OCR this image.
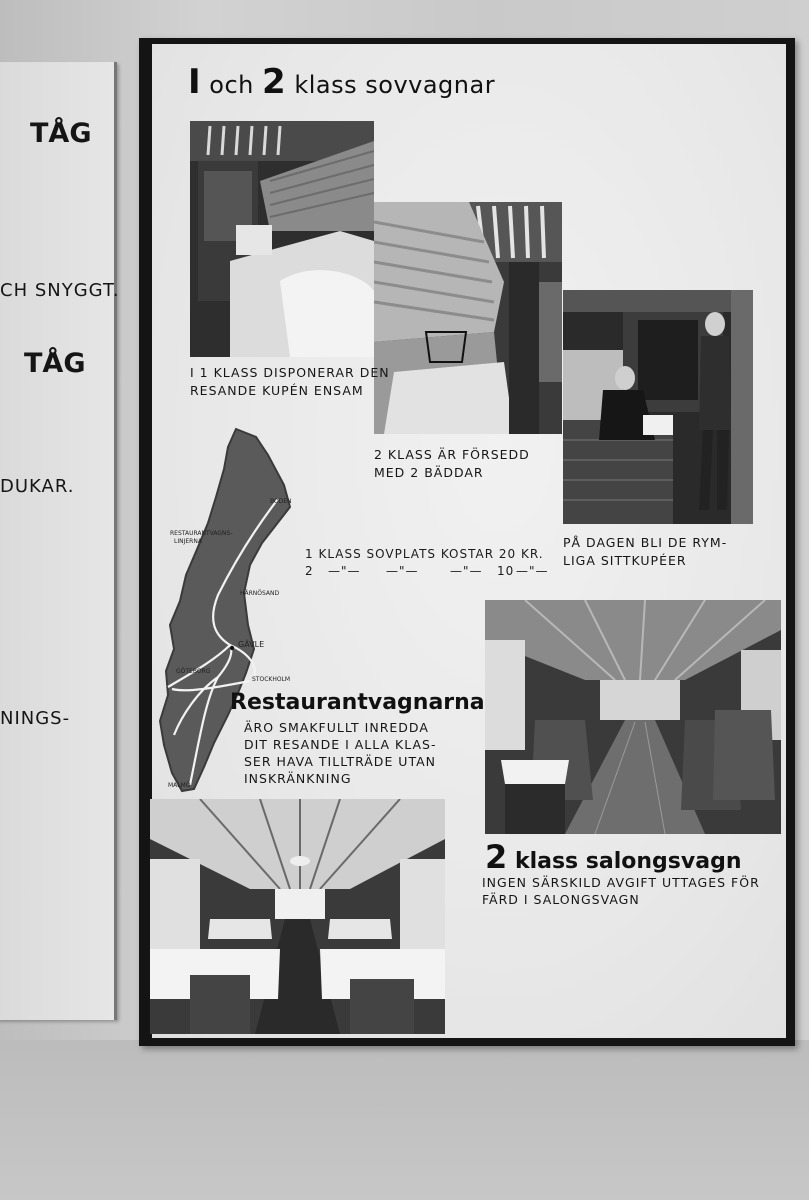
TÅG
CH SNYGGT.
TÅG
DUKAR.
NINGS-
I och 2 klass sovvagnar
I 1 KLASS DISPONERAR DEN
RESANDE KUPÉN ENSAM
2 KLASS ÄR FÖRSEDD
MED 2 BÄDDAR
PÅ DAGEN BLI DE RYM-
LIGA SITTKUPÉER
1 KLASS SOVPLATS KOSTAR 20 KR.
2 —"— —"—	—"— 10 —"—
RESTAURANTVAGNS-
LINJERNA
BODEN
HÄRNÖSAND
GÄVLE
STOCKHOLM
GÖTEBORG
MALMÖ
Restaurantvagnarna
ÄRO SMAKFULLT INREDDA
DIT RESANDE I ALLA KLAS-
SER HAVA TILLTRÄDE UTAN
INSKRÄNKNING
2 klass salongsvagn
INGEN SÄRSKILD AVGIFT UTTAGES FÖR
FÄRD I SALONGSVAGN
